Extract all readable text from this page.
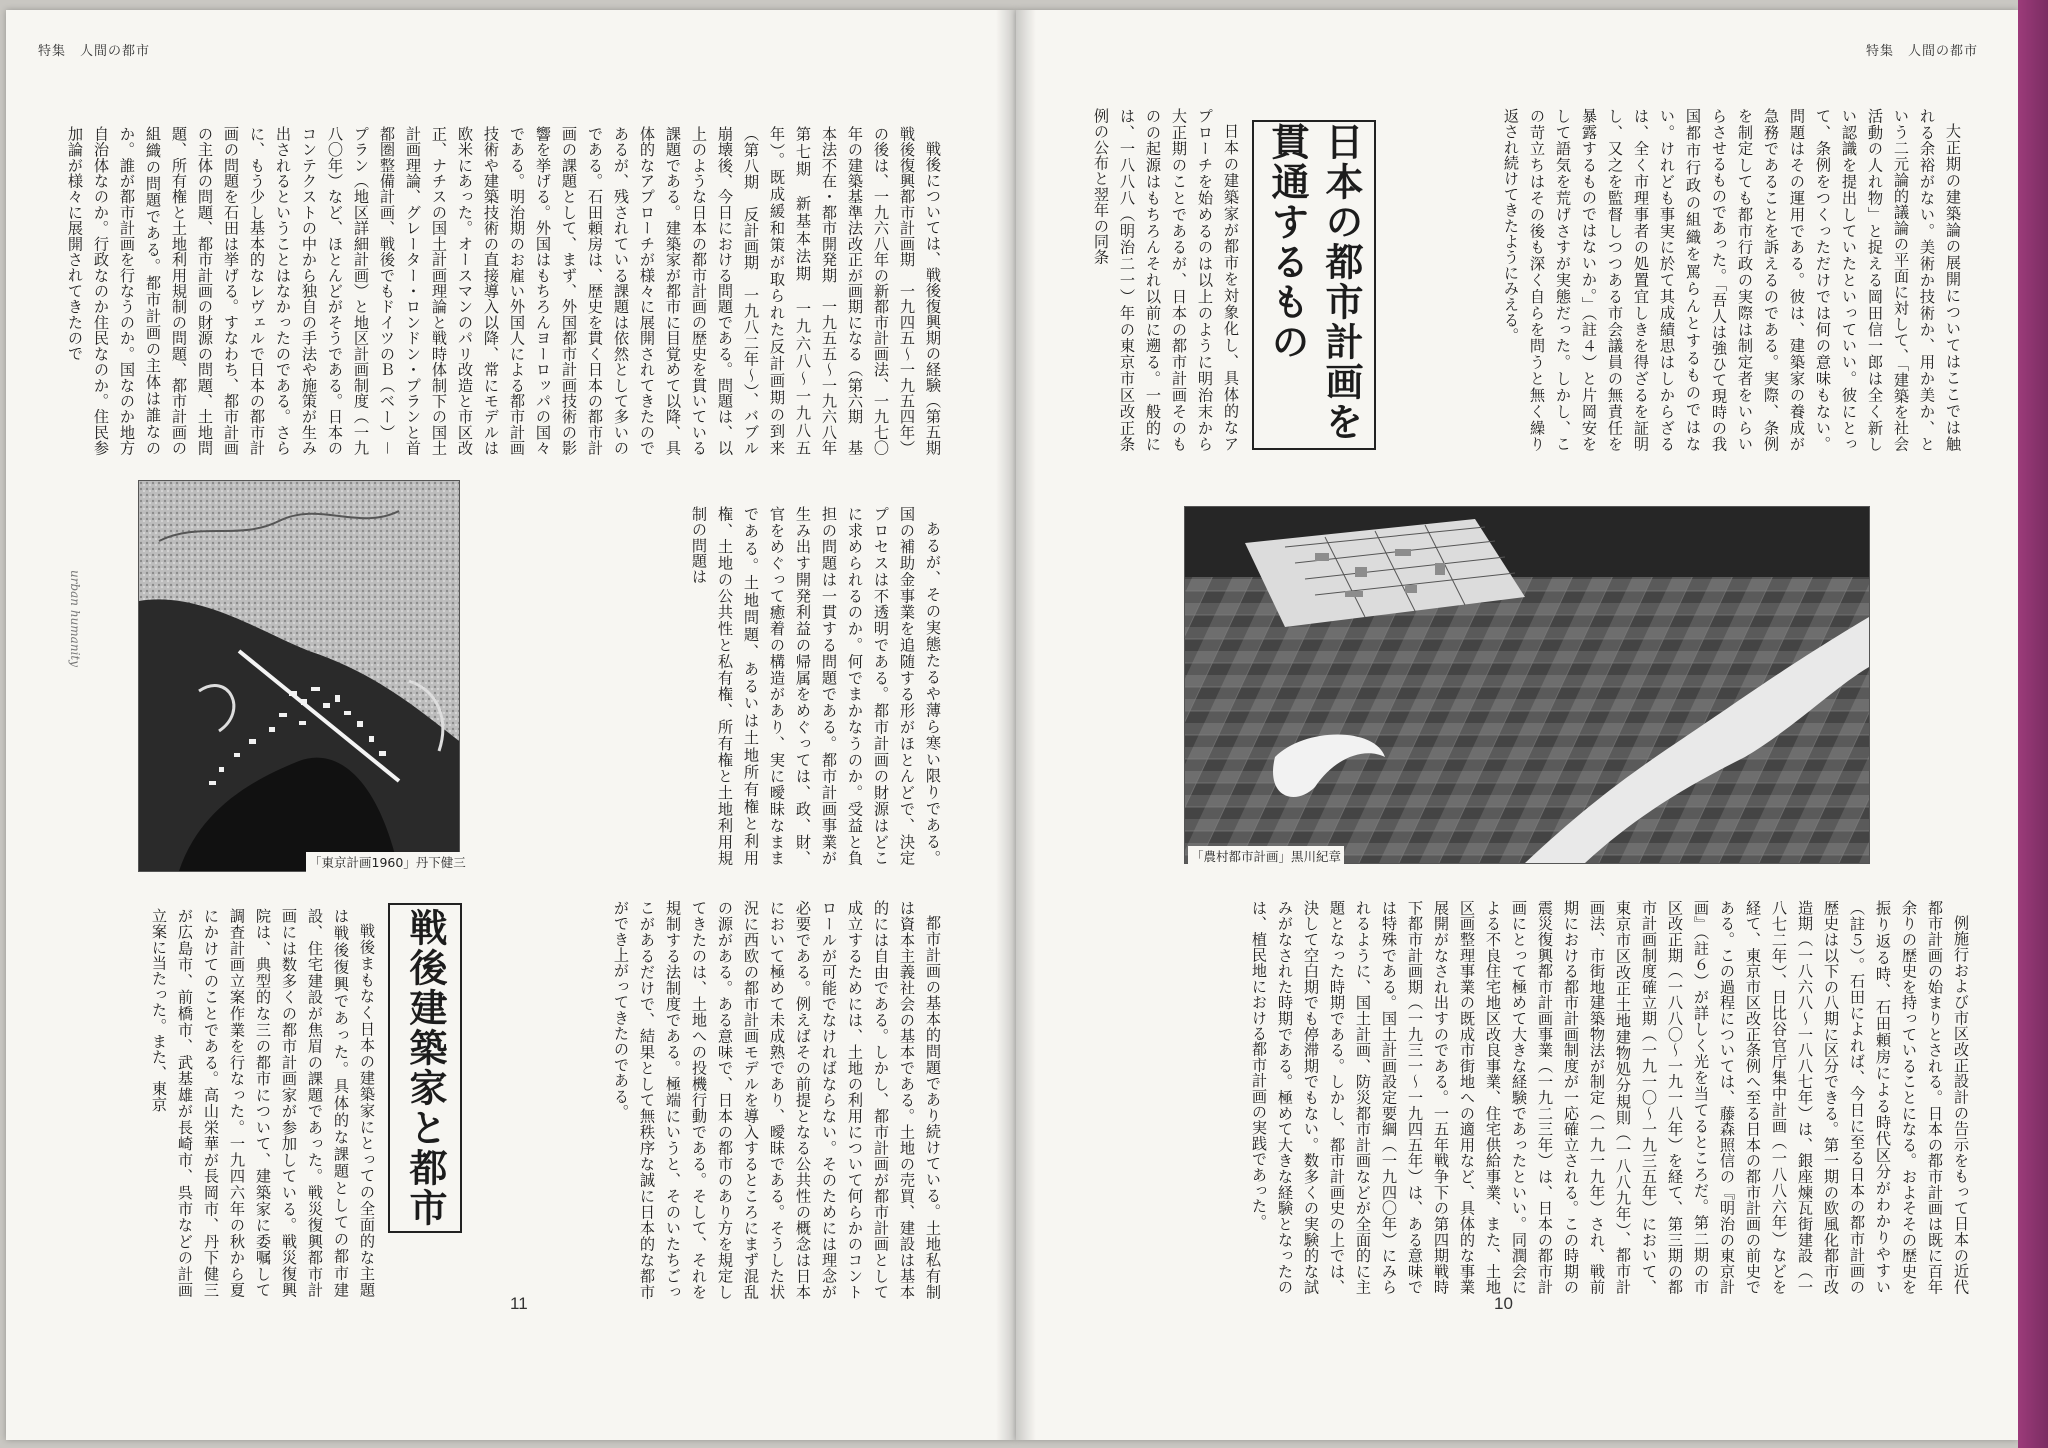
特集　人間の都市
urban humanity

戦後については、戦後復興期の経験（第五期　戦後復興都市計画期　一九四五〜一九五四年）の後は、一九六八年の新都市計画法、一九七〇年の建築基準法改正が画期になる（第六期　基本法不在・都市開発期　一九五五〜一九六八年　第七期　新基本法期　一九六八〜一九八五年）。既成緩和策が取られた反計画期の到来（第八期　反計画期　一九八二年〜）、バブル崩壊後、今日における問題である。問題は、以上のような日本の都市計画の歴史を貫いている課題である。建築家が都市に目覚めて以降、具体的なアプローチが様々に展開されてきたのであるが、残されている課題は依然として多いのである。石田頼房は、歴史を貫く日本の都市計画の課題として、まず、外国都市計画技術の影響を挙げる。外国はもちろんヨーロッパの国々である。明治期のお雇い外国人による都市計画技術や建築技術の直接導入以降、常にモデルは欧米にあった。オースマンのパリ改造と市区改正、ナチスの国土計画理論と戦時体制下の国土計画理論、グレーター・ロンドン・プランと首都圏整備計画、戦後でもドイツのＢ（ベー）－プラン（地区詳細計画）と地区計画制度（一九八〇年）など、ほとんどがそうである。日本のコンテクストの中から独自の手法や施策が生み出されるということはなかったのである。さらに、もう少し基本的なレヴェルで日本の都市計画の問題を石田は挙げる。すなわち、都市計画の主体の問題、都市計画の財源の問題、土地問題、所有権と土地利用規制の問題、都市計画の組織の問題である。都市計画の主体は誰なのか。誰が都市計画を行なうのか。国なのか地方自治体なのか。行政なのか住民なのか。住民参加論が様々に展開されてきたので

「東京計画1960」丹下健三	あるが、その実態たるや薄ら寒い限りである。国の補助金事業を追随する形がほとんどで、決定プロセスは不透明である。都市計画の財源はどこに求められるのか。何でまかなうのか。受益と負担の問題は一貫する問題である。都市計画事業が生み出す開発利益の帰属をめぐっては、政、財、官をめぐって癒着の構造があり、実に曖昧なままである。土地問題、あるいは土地所有権と利用権、土地の公共性と私有権、所有権と土地利用規制の問題は

都市計画の基本的問題であり続けている。土地私有制は資本主義社会の基本である。土地の売買、建設は基本的には自由である。しかし、都市計画が都市計画として成立するためには、土地の利用について何らかのコントロールが可能でなければならない。そのためには理念が必要である。例えばその前提となる公共性の概念は日本において極めて未成熟であり、曖昧である。そうした状況に西欧の都市計画モデルを導入するところにまず混乱の源がある。ある意味で、日本の都市のあり方を規定してきたのは、土地への投機行動である。そして、それを規制する法制度である。極端にいうと、そのいたちごっこがあるだけで、結果として無秩序な誠に日本的な都市ができ上がってきたのである。

戦後建築家と都市

戦後まもなく日本の建築家にとっての全面的な主題は戦後復興であった。具体的な課題としての都市建設、住宅建設が焦眉の課題であった。戦災復興都市計画には数多くの都市計画家が参加している。戦災復興院は、典型的な三の都市について、建築家に委嘱して調査計画立案作業を行なった。一九四六年の秋から夏にかけてのことである。高山栄華が長岡市、丹下健三が広島市、前橋市、武基雄が長崎市、呉市などの計画立案に当たった。また、東京

11
特集　人間の都市

大正期の建築論の展開についてはここでは触れる余裕がない。美術か技術か、用か美か、という二元論的議論の平面に対して、「建築を社会活動の人れ物」と捉える岡田信一郎は全く新しい認識を提出していたといっていい。彼にとって、条例をつくっただけでは何の意味もない。問題はその運用である。彼は、建築家の養成が急務であることを訴えるのである。実際、条例を制定しても都市行政の実際は制定者をいらいらさせるものであった。「吾人は強ひて現時の我国都市行政の組織を罵らんとするものではない。けれども事実に於て其成績思はしからざるは、全く市理事者の処置宜しきを得ざるを証明し、又之を監督しつつある市会議員の無責任を暴露するものではないか。」（註４）と片岡安をして語気を荒げさすが実態だった。しかし、この苛立ちはその後も深く自らを問うと無く繰り返され続けてきたようにみえる。

日本の都市計画を貫通するもの

日本の建築家が都市を対象化し、具体的なアプローチを始めるのは以上のように明治末から大正期のことであるが、日本の都市計画そのものの起源はもちろんそれ以前に遡る。一般的には、一八八八（明治二一）年の東京市区改正条例の公布と翌年の同条

「農村都市計画」黒川紀章

例施行および市区改正設計の告示をもって日本の近代都市計画の始まりとされる。日本の都市計画は既に百年余りの歴史を持っていることになる。およそその歴史を振り返る時、石田頼房による時代区分がわかりやすい（註５）。石田によれば、今日に至る日本の都市計画の歴史は以下の八期に区分できる。第一期の欧風化都市改造期（一八六八〜一八八七年）は、銀座煉瓦街建設（一八七二年）、日比谷官庁集中計画（一八八六年）などを経て、東京市区改正条例へ至る日本の都市計画の前史である。この過程については、藤森照信の『明治の東京計画』（註６）が詳しく光を当てるところだ。第二期の市区改正期（一八八〇〜一九一八年）を経て、第三期の都市計画制度確立期（一九一〇〜一九三五年）において、東京市区改正土地建物処分規則（一八八九年）、都市計画法、市街地建築物法が制定（一九一九年）され、戦前期における都市計画制度が一応確立される。この時期の震災復興都市計画事業（一九二三年）は、日本の都市計画にとって極めて大きな経験であったといい。同潤会による不良住宅地区改良事業、住宅供給事業、また、土地区画整理事業の既成市街地への適用など、具体的な事業展開がなされ出すのである。一五年戦争下の第四期戦時下都市計画期（一九三一〜一九四五年）は、ある意味では特殊である。国土計画設定要綱（一九四〇年）にみられるように、国土計画、防災都市計画などが全面的に主題となった時期である。しかし、都市計画史の上では、決して空白期でも停滞期でもない。数多くの実験的な試みがなされた時期である。極めて大きな経験となったのは、植民地における都市計画の実践であった。

10
